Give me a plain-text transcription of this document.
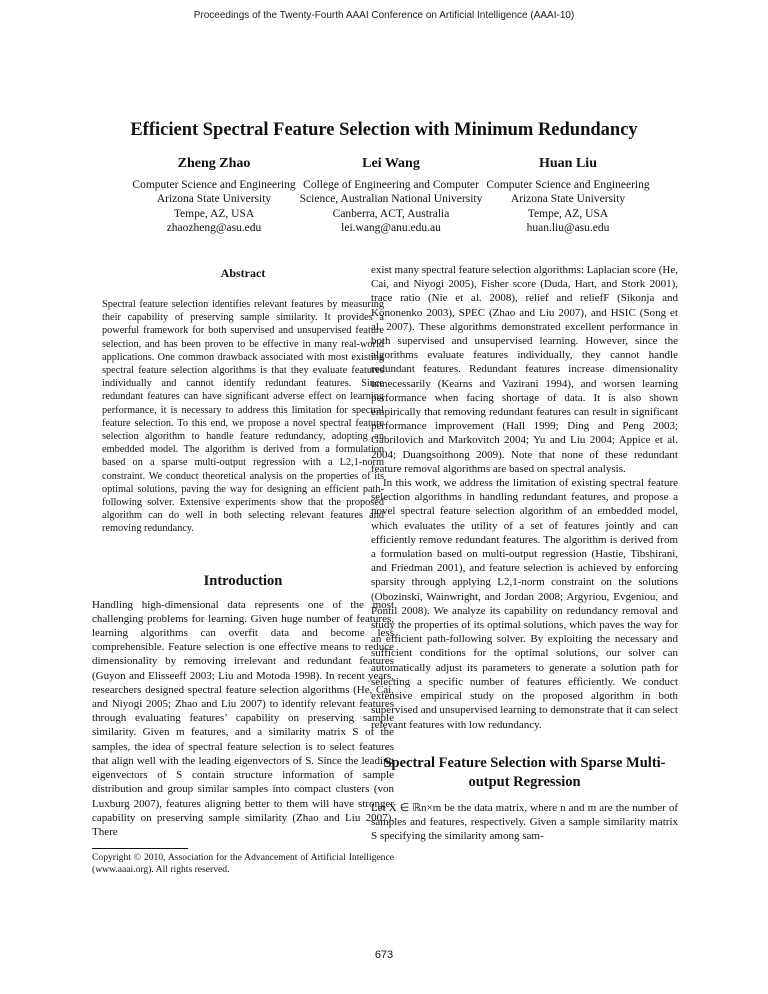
Proceedings of the Twenty-Fourth AAAI Conference on Artificial Intelligence (AAAI-10)
Efficient Spectral Feature Selection with Minimum Redundancy
Zheng Zhao
Computer Science and Engineering
Arizona State University
Tempe, AZ, USA
zhaozheng@asu.edu
Lei Wang
College of Engineering and Computer
Science, Australian National University
Canberra, ACT, Australia
lei.wang@anu.edu.au
Huan Liu
Computer Science and Engineering
Arizona State University
Tempe, AZ, USA
huan.liu@asu.edu
Abstract

Spectral feature selection identifies relevant features by measuring their capability of preserving sample similarity. It provides a powerful framework for both supervised and unsupervised feature selection, and has been proven to be effective in many real-world applications. One common drawback associated with most existing spectral feature selection algorithms is that they evaluate features individually and cannot identify redundant features. Since redundant features can have significant adverse effect on learning performance, it is necessary to address this limitation for spectral feature selection. To this end, we propose a novel spectral feature selection algorithm to handle feature redundancy, adopting an embedded model. The algorithm is derived from a formulation based on a sparse multi-output regression with a L2,1-norm constraint. We conduct theoretical analysis on the properties of its optimal solutions, paving the way for designing an efficient path-following solver. Extensive experiments show that the proposed algorithm can do well in both selecting relevant features and removing redundancy.

Introduction

Handling high-dimensional data represents one of the most challenging problems for learning. Given huge number of features, learning algorithms can overfit data and become less comprehensible. Feature selection is one effective means to reduce dimensionality by removing irrelevant and redundant features (Guyon and Elisseeff 2003; Liu and Motoda 1998). In recent years, researchers designed spectral feature selection algorithms (He, Cai, and Niyogi 2005; Zhao and Liu 2007) to identify relevant features through evaluating features’ capability on preserving sample similarity. Given m features, and a similarity matrix S of the samples, the idea of spectral feature selection is to select features that align well with the leading eigenvectors of S. Since the leading eigenvectors of S contain structure information of sample distribution and group similar samples into compact clusters (von Luxburg 2007), features aligning better to them will have stronger capability on preserving sample similarity (Zhao and Liu 2007). There

Copyright © 2010, Association for the Advancement of Artificial Intelligence (www.aaai.org). All rights reserved.

exist many spectral feature selection algorithms: Laplacian score (He, Cai, and Niyogi 2005), Fisher score (Duda, Hart, and Stork 2001), trace ratio (Nie et al. 2008), relief and reliefF (Sikonja and Kononenko 2003), SPEC (Zhao and Liu 2007), and HSIC (Song et al. 2007). These algorithms demonstrated excellent performance in both supervised and unsupervised learning. However, since the algorithms evaluate features individually, they cannot handle redundant features. Redundant features increase dimensionality unnecessarily (Kearns and Vazirani 1994), and worsen learning performance when facing shortage of data. It is also shown empirically that removing redundant features can result in significant performance improvement (Hall 1999; Ding and Peng 2003; Gabrilovich and Markovitch 2004; Yu and Liu 2004; Appice et al. 2004; Duangsoithong 2009). Note that none of these redundant feature removal algorithms are based on spectral analysis.

In this work, we address the limitation of existing spectral feature selection algorithms in handling redundant features, and propose a novel spectral feature selection algorithm of an embedded model, which evaluates the utility of a set of features jointly and can efficiently remove redundant features. The algorithm is derived from a formulation based on multi-output regression (Hastie, Tibshirani, and Friedman 2001), and feature selection is achieved by enforcing sparsity through applying L2,1-norm constraint on the solutions (Obozinski, Wainwright, and Jordan 2008; Argyriou, Evgeniou, and Pontil 2008). We analyze its capability on redundancy removal and study the properties of its optimal solutions, which paves the way for an efficient path-following solver. By exploiting the necessary and sufficient conditions for the optimal solutions, our solver can automatically adjust its parameters to generate a solution path for selecting a specific number of features efficiently. We conduct extensive empirical study on the proposed algorithm in both supervised and unsupervised learning to demonstrate that it can select relevant features with low redundancy.

Spectral Feature Selection with Sparse Multi-output Regression

Let X ∈ ℝn×m be the data matrix, where n and m are the number of samples and features, respectively. Given a sample similarity matrix S specifying the similarity among sam-

673
